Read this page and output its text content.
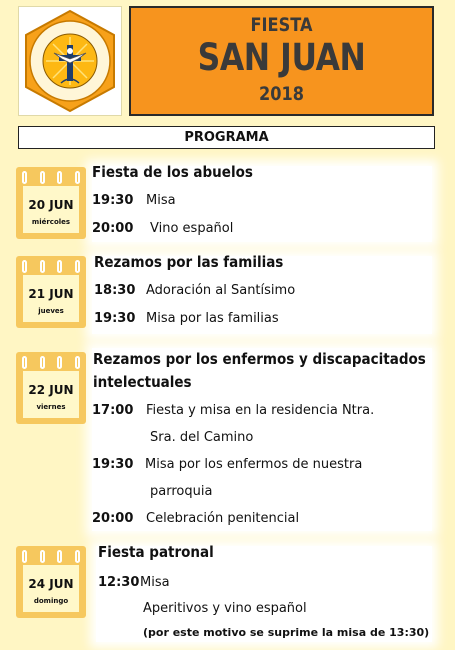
FIESTA
SAN JUAN
2018
PROGRAMA
20 JUN
miércoles
Fiesta de los abuelos
19:30 Misa
20:00 Vino español
21 JUN
jueves
Rezamos por las familias
18:30 Adoración al Santísimo
19:30 Misa por las familias
22 JUN
viernes
Rezamos por los enfermos y discapacitados
intelectuales
17:00 Fiesta y misa en la residencia Ntra.
Sra. del Camino
19:30 Misa por los enfermos de nuestra
parroquia
20:00 Celebración penitencial
24 JUN
domingo
Fiesta patronal
12:30Misa
Aperitivos y vino español
(por este motivo se suprime la misa de 13:30)
